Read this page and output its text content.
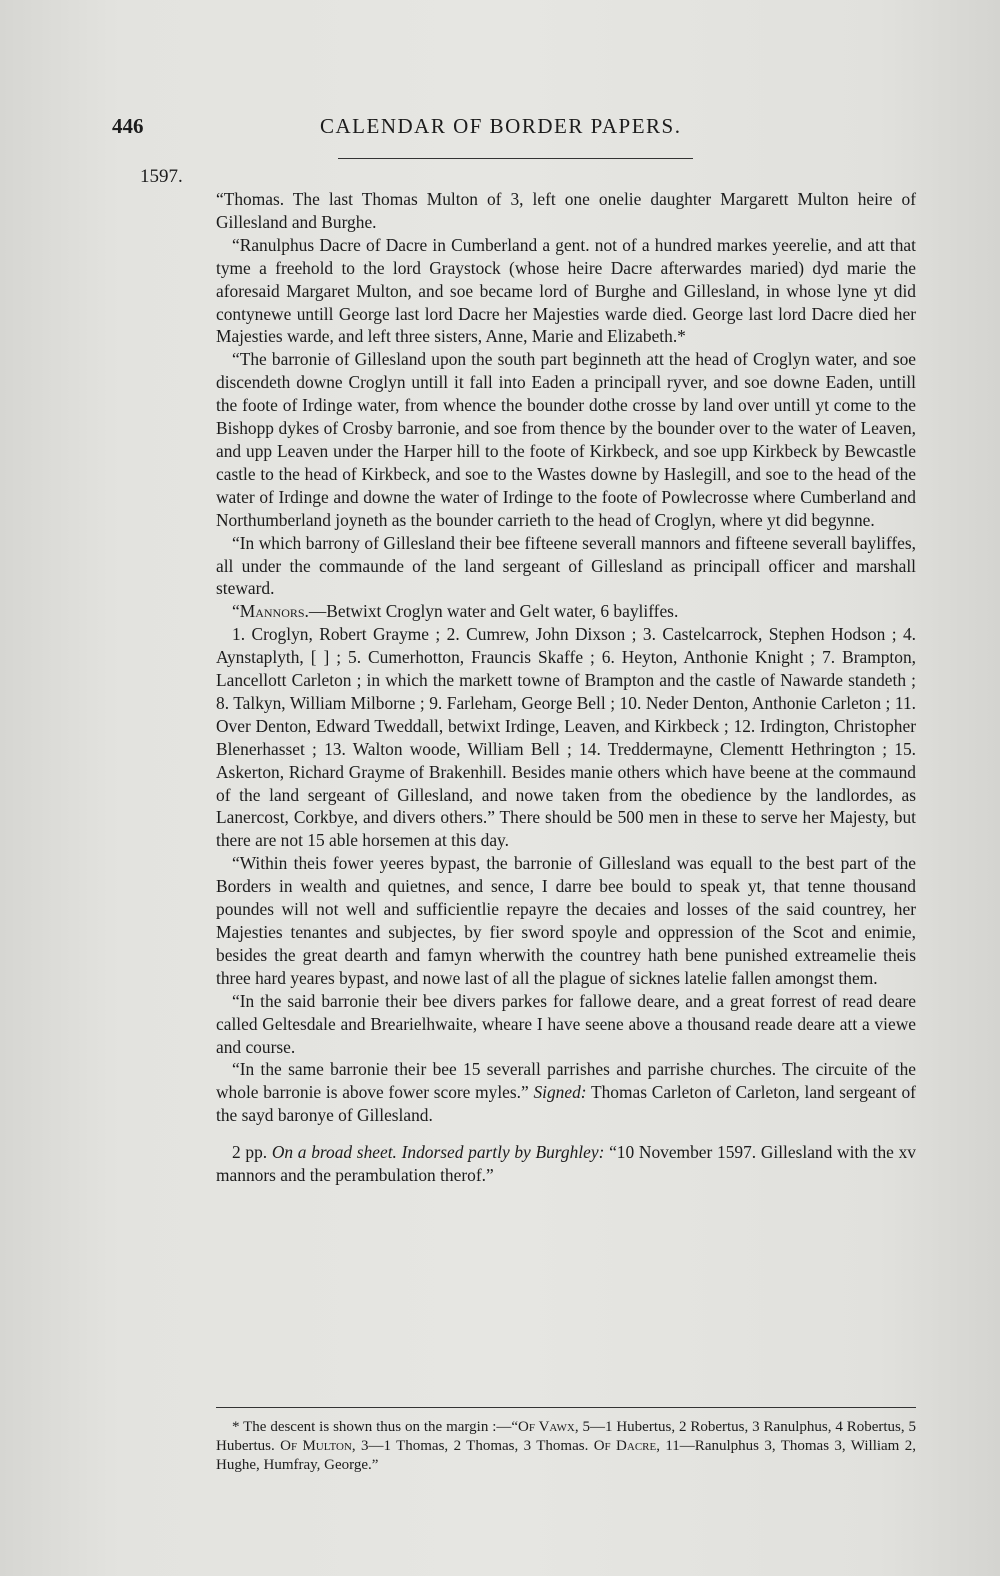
446	CALENDAR OF BORDER PAPERS.
1597.

“Thomas. The last Thomas Multon of 3, left one onelie daughter Margarett Multon heire of Gillesland and Burghe.

“Ranulphus Dacre of Dacre in Cumberland a gent. not of a hundred markes yeerelie, and att that tyme a freehold to the lord Graystock (whose heire Dacre afterwardes maried) dyd marie the aforesaid Margaret Multon, and soe became lord of Burghe and Gillesland, in whose lyne yt did contynewe untill George last lord Dacre her Majesties warde died. George last lord Dacre died her Majesties warde, and left three sisters, Anne, Marie and Elizabeth.*

“The barronie of Gillesland upon the south part beginneth att the head of Croglyn water, and soe discendeth downe Croglyn untill it fall into Eaden a principall ryver, and soe downe Eaden, untill the foote of Irdinge water, from whence the bounder dothe crosse by land over untill yt come to the Bishopp dykes of Crosby barronie, and soe from thence by the bounder over to the water of Leaven, and upp Leaven under the Harper hill to the foote of Kirkbeck, and soe upp Kirkbeck by Bewcastle castle to the head of Kirkbeck, and soe to the Wastes downe by Haslegill, and soe to the head of the water of Irdinge and downe the water of Irdinge to the foote of Powlecrosse where Cumberland and Northumberland joyneth as the bounder carrieth to the head of Croglyn, where yt did begynne.

“In which barrony of Gillesland their bee fifteene severall mannors and fifteene severall bayliffes, all under the commaunde of the land sergeant of Gillesland as principall officer and marshall steward.

“Mannors.—Betwixt Croglyn water and Gelt water, 6 bayliffes.

1. Croglyn, Robert Grayme ; 2. Cumrew, John Dixson ; 3. Castelcarrock, Stephen Hodson ; 4. Aynstaplyth, [ ] ; 5. Cumerhotton, Frauncis Skaffe ; 6. Heyton, Anthonie Knight ; 7. Brampton, Lancellott Carleton ; in which the markett towne of Brampton and the castle of Nawarde standeth ; 8. Talkyn, William Milborne ; 9. Farleham, George Bell ; 10. Neder Denton, Anthonie Carleton ; 11. Over Denton, Edward Tweddall, betwixt Irdinge, Leaven, and Kirkbeck ; 12. Irdington, Christopher Blenerhasset ; 13. Walton woode, William Bell ; 14. Treddermayne, Clementt Hethrington ; 15. Askerton, Richard Grayme of Brakenhill. Besides manie others which have beene at the commaund of the land sergeant of Gillesland, and nowe taken from the obedience by the landlordes, as Lanercost, Corkbye, and divers others.” There should be 500 men in these to serve her Majesty, but there are not 15 able horsemen at this day.

“Within theis fower yeeres bypast, the barronie of Gillesland was equall to the best part of the Borders in wealth and quietnes, and sence, I darre bee bould to speak yt, that tenne thousand poundes will not well and sufficientlie repayre the decaies and losses of the said countrey, her Majesties tenantes and subjectes, by fier sword spoyle and oppression of the Scot and enimie, besides the great dearth and famyn wherwith the countrey hath bene punished extreamelie theis three hard yeares bypast, and nowe last of all the plague of sicknes latelie fallen amongst them.

“In the said barronie their bee divers parkes for fallowe deare, and a great forrest of read deare called Geltesdale and Brearielhwaite, wheare I have seene above a thousand reade deare att a viewe and course.

“In the same barronie their bee 15 severall parrishes and parrishe churches. The circuite of the whole barronie is above fower score myles.” Signed: Thomas Carleton of Carleton, land sergeant of the sayd baronye of Gillesland.

2 pp. On a broad sheet. Indorsed partly by Burghley: “10 November 1597. Gillesland with the xv mannors and the perambulation therof.”

* The descent is shown thus on the margin :—“Of Vawx, 5—1 Hubertus, 2 Robertus, 3 Ranulphus, 4 Robertus, 5 Hubertus. Of Multon, 3—1 Thomas, 2 Thomas, 3 Thomas. Of Dacre, 11—Ranulphus 3, Thomas 3, William 2, Hughe, Humfray, George.”
